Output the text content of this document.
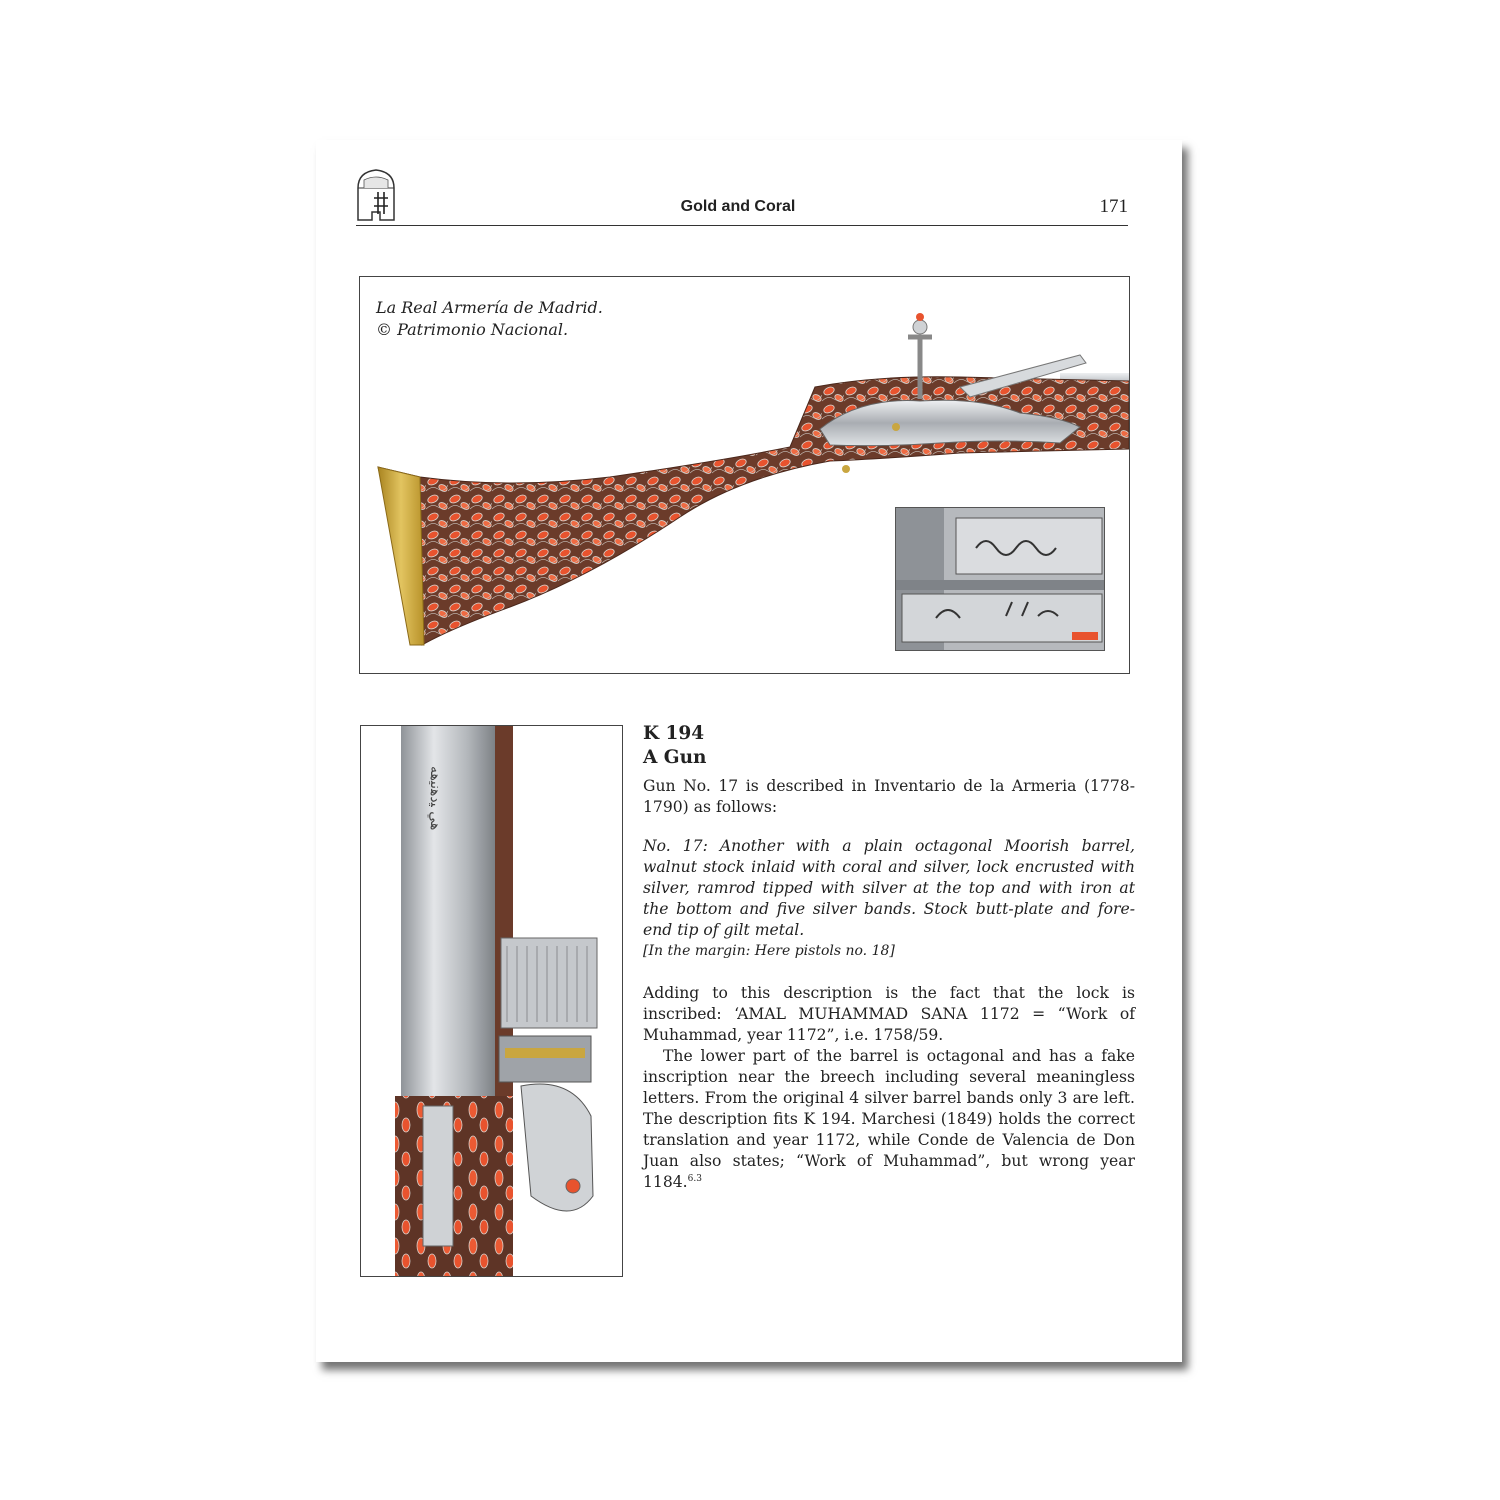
Gold and Coral	171
La Real Armería de Madrid.
© Patrimonio Nacional.
ﮬﻲ ﻴﺩﮬﻧﻴﮬﻪ
K 194
A Gun

Gun No. 17 is described in Inventario de la Armeria (1778-1790) as follows:

No. 17: Another with a plain octagonal Moorish barrel, walnut stock inlaid with coral and silver, lock encrusted with silver, ramrod tipped with silver at the top and with iron at the bottom and five silver bands. Stock butt-plate and fore-end tip of gilt metal.

[In the margin: Here pistols no. 18]

Adding to this description is the fact that the lock is inscribed: ‘AMAL MUHAMMAD SANA 1172 = “Work of Muhammad, year 1172”, i.e. 1758/59.

The lower part of the barrel is octagonal and has a fake inscription near the breech including several meaningless letters. From the original 4 silver barrel bands only 3 are left. The description fits K 194. Marchesi (1849) holds the correct translation and year 1172, while Conde de Valencia de Don Juan also states; “Work of Muhammad”, but wrong year 1184.$^{6.3}$
